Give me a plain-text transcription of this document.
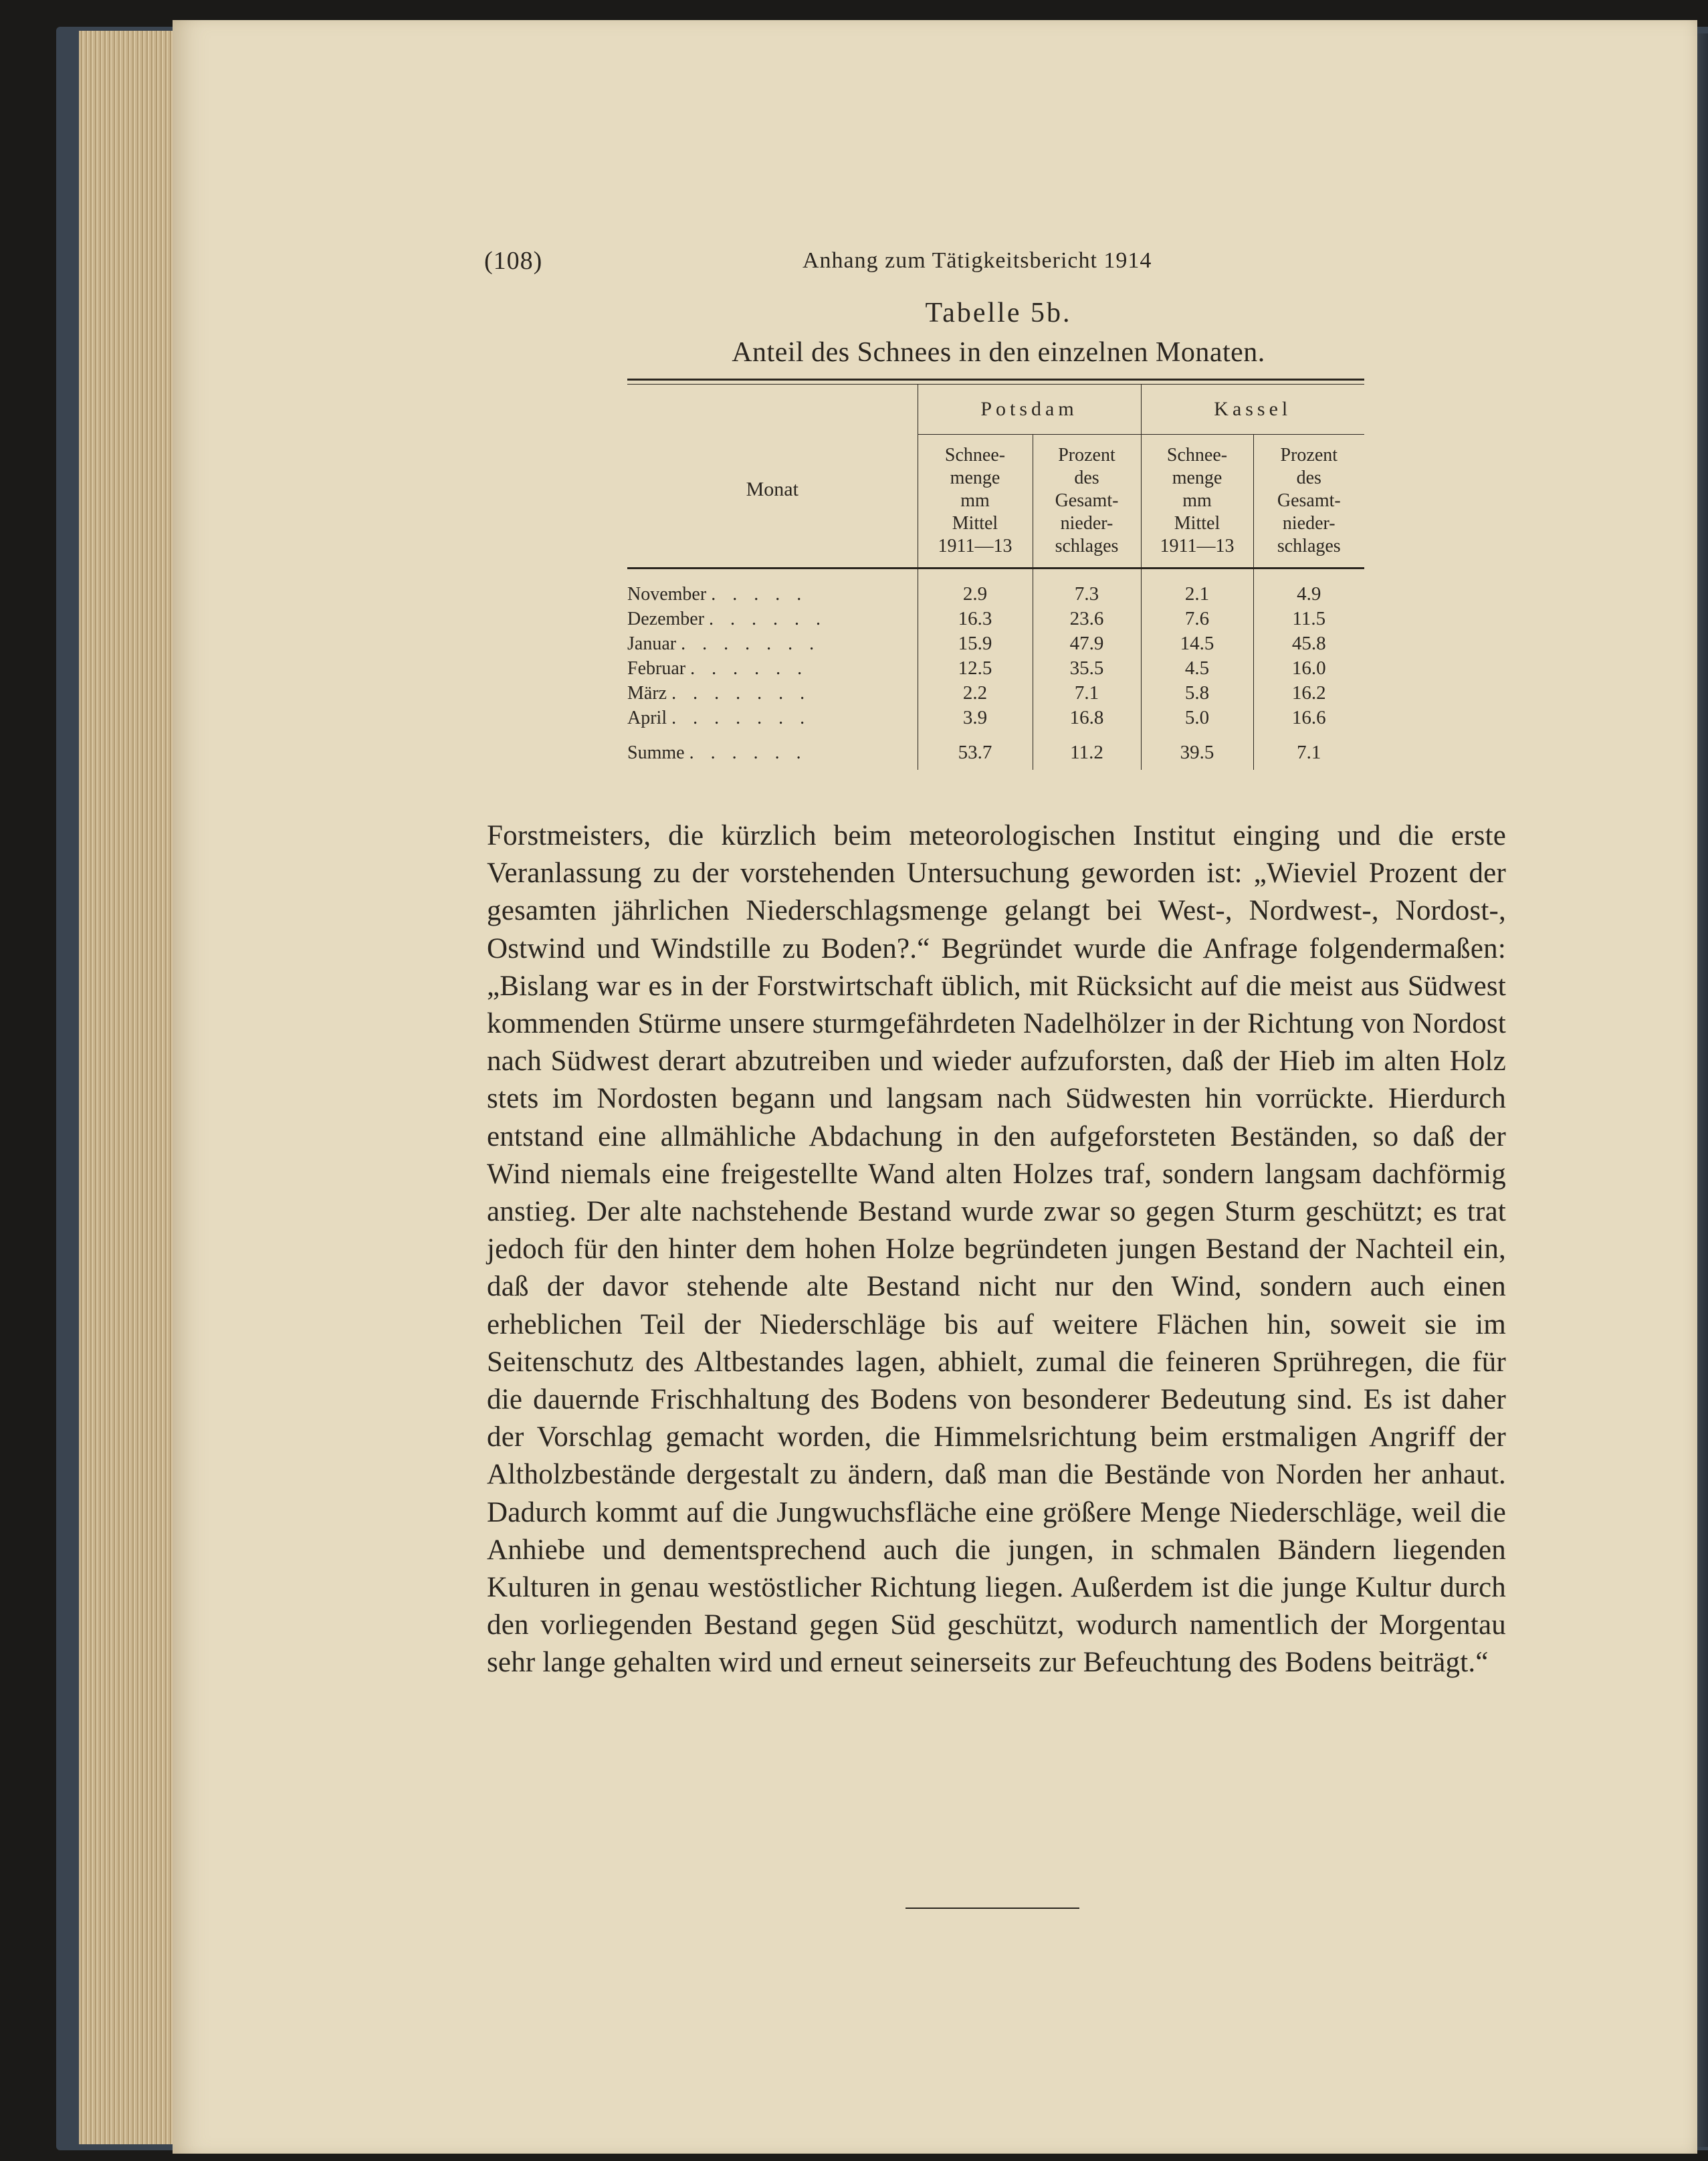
(108)	Anhang zum Tätigkeitsbericht 1914
Tabelle 5b.
Anteil des Schnees in den einzelnen Monaten.
Monat	Potsdam		Kassel	
	Schnee-
menge
mm
Mittel
1911—13	Prozent
des
Gesamt-
nieder-
schlages	Schnee-
menge
mm
Mittel
1911—13	Prozent
des
Gesamt-
nieder-
schlages
November . . . . .	2.9	7.3	2.1	4.9
Dezember . . . . . .	16.3	23.6	7.6	11.5
Januar . . . . . . .	15.9	47.9	14.5	45.8
Februar . . . . . .	12.5	35.5	4.5	16.0
März . . . . . . .	2.2	7.1	5.8	16.2
April . . . . . . .	3.9	16.8	5.0	16.6
Summe . . . . . .	53.7	11.2	39.5	7.1

Forstmeisters, die kürzlich beim meteorologischen Institut einging und die erste Veranlassung zu der vorstehenden Untersuchung geworden ist: „Wieviel Prozent der gesamten jährlichen Niederschlagsmenge gelangt bei West-, Nordwest-, Nordost-, Ostwind und Windstille zu Boden?.“ Begründet wurde die Anfrage folgendermaßen: „Bislang war es in der Forstwirtschaft üblich, mit Rücksicht auf die meist aus Südwest kommenden Stürme unsere sturmgefährdeten Nadelhölzer in der Richtung von Nordost nach Südwest derart abzutreiben und wieder aufzuforsten, daß der Hieb im alten Holz stets im Nordosten begann und langsam nach Südwesten hin vorrückte. Hierdurch entstand eine allmähliche Abdachung in den aufgeforsteten Beständen, so daß der Wind niemals eine freigestellte Wand alten Holzes traf, sondern langsam dachförmig anstieg. Der alte nachstehende Bestand wurde zwar so gegen Sturm geschützt; es trat jedoch für den hinter dem hohen Holze begründeten jungen Bestand der Nachteil ein, daß der davor stehende alte Bestand nicht nur den Wind, sondern auch einen erheblichen Teil der Niederschläge bis auf weitere Flächen hin, soweit sie im Seitenschutz des Altbestandes lagen, abhielt, zumal die feineren Sprühregen, die für die dauernde Frischhaltung des Bodens von besonderer Bedeutung sind. Es ist daher der Vorschlag gemacht worden, die Himmelsrichtung beim erstmaligen Angriff der Altholzbestände dergestalt zu ändern, daß man die Bestände von Norden her anhaut. Dadurch kommt auf die Jungwuchsfläche eine größere Menge Niederschläge, weil die Anhiebe und dementsprechend auch die jungen, in schmalen Bändern liegenden Kulturen in genau westöstlicher Richtung liegen. Außerdem ist die junge Kultur durch den vorliegenden Bestand gegen Süd geschützt, wodurch namentlich der Morgentau sehr lange gehalten wird und erneut seinerseits zur Befeuchtung des Bodens beiträgt.“
